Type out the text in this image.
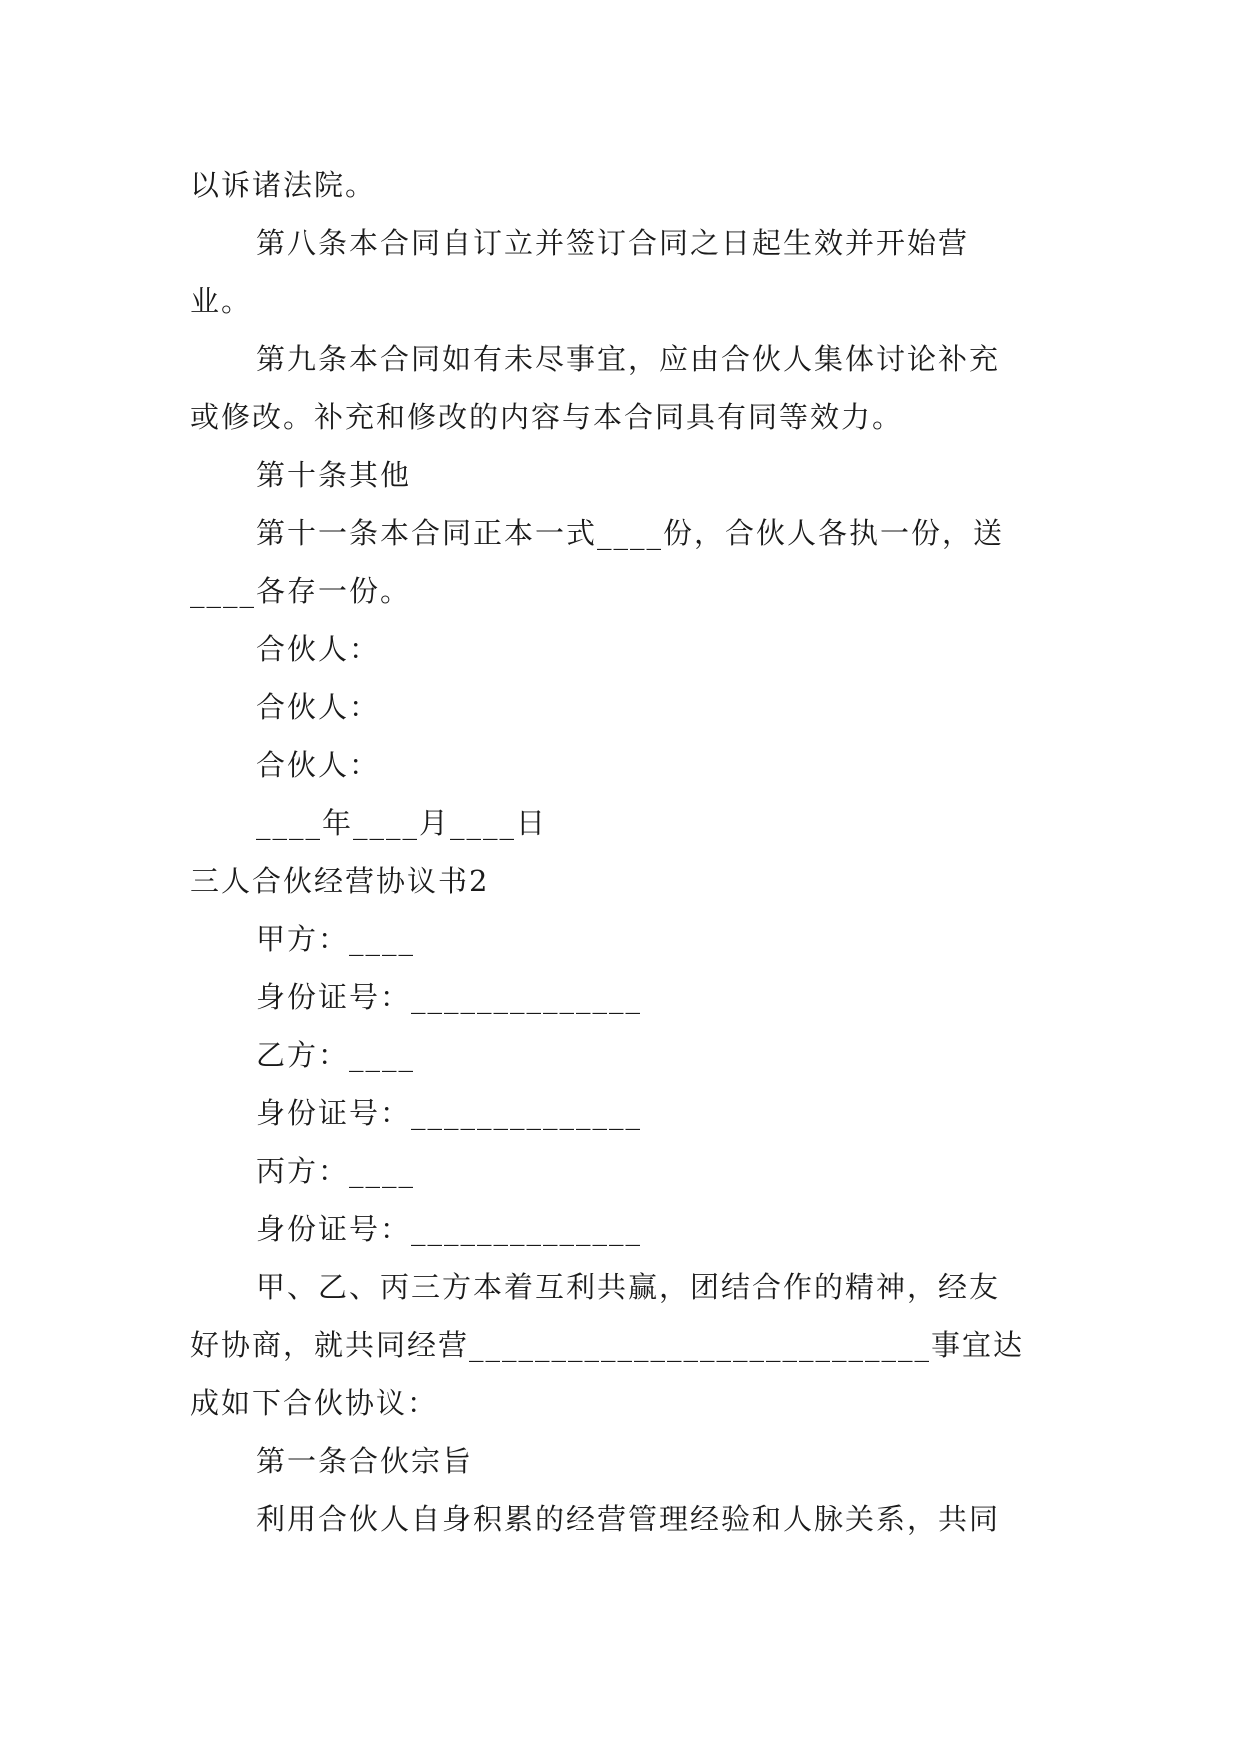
以诉诸法院。
第八条本合同自订立并签订合同之日起生效并开始营
业。
第九条本合同如有未尽事宜，应由合伙人集体讨论补充
或修改。补充和修改的内容与本合同具有同等效力。
第十条其他
第十一条本合同正本一式____份，合伙人各执一份，送
____各存一份。
合伙人：
合伙人：
合伙人：
____年____月____日
三人合伙经营协议书2
甲方：____
身份证号：______________
乙方：____
身份证号：______________
丙方：____
身份证号：______________
甲、乙、丙三方本着互利共赢，团结合作的精神，经友
好协商，就共同经营____________________________事宜达
成如下合伙协议：
第一条合伙宗旨
利用合伙人自身积累的经营管理经验和人脉关系，共同
